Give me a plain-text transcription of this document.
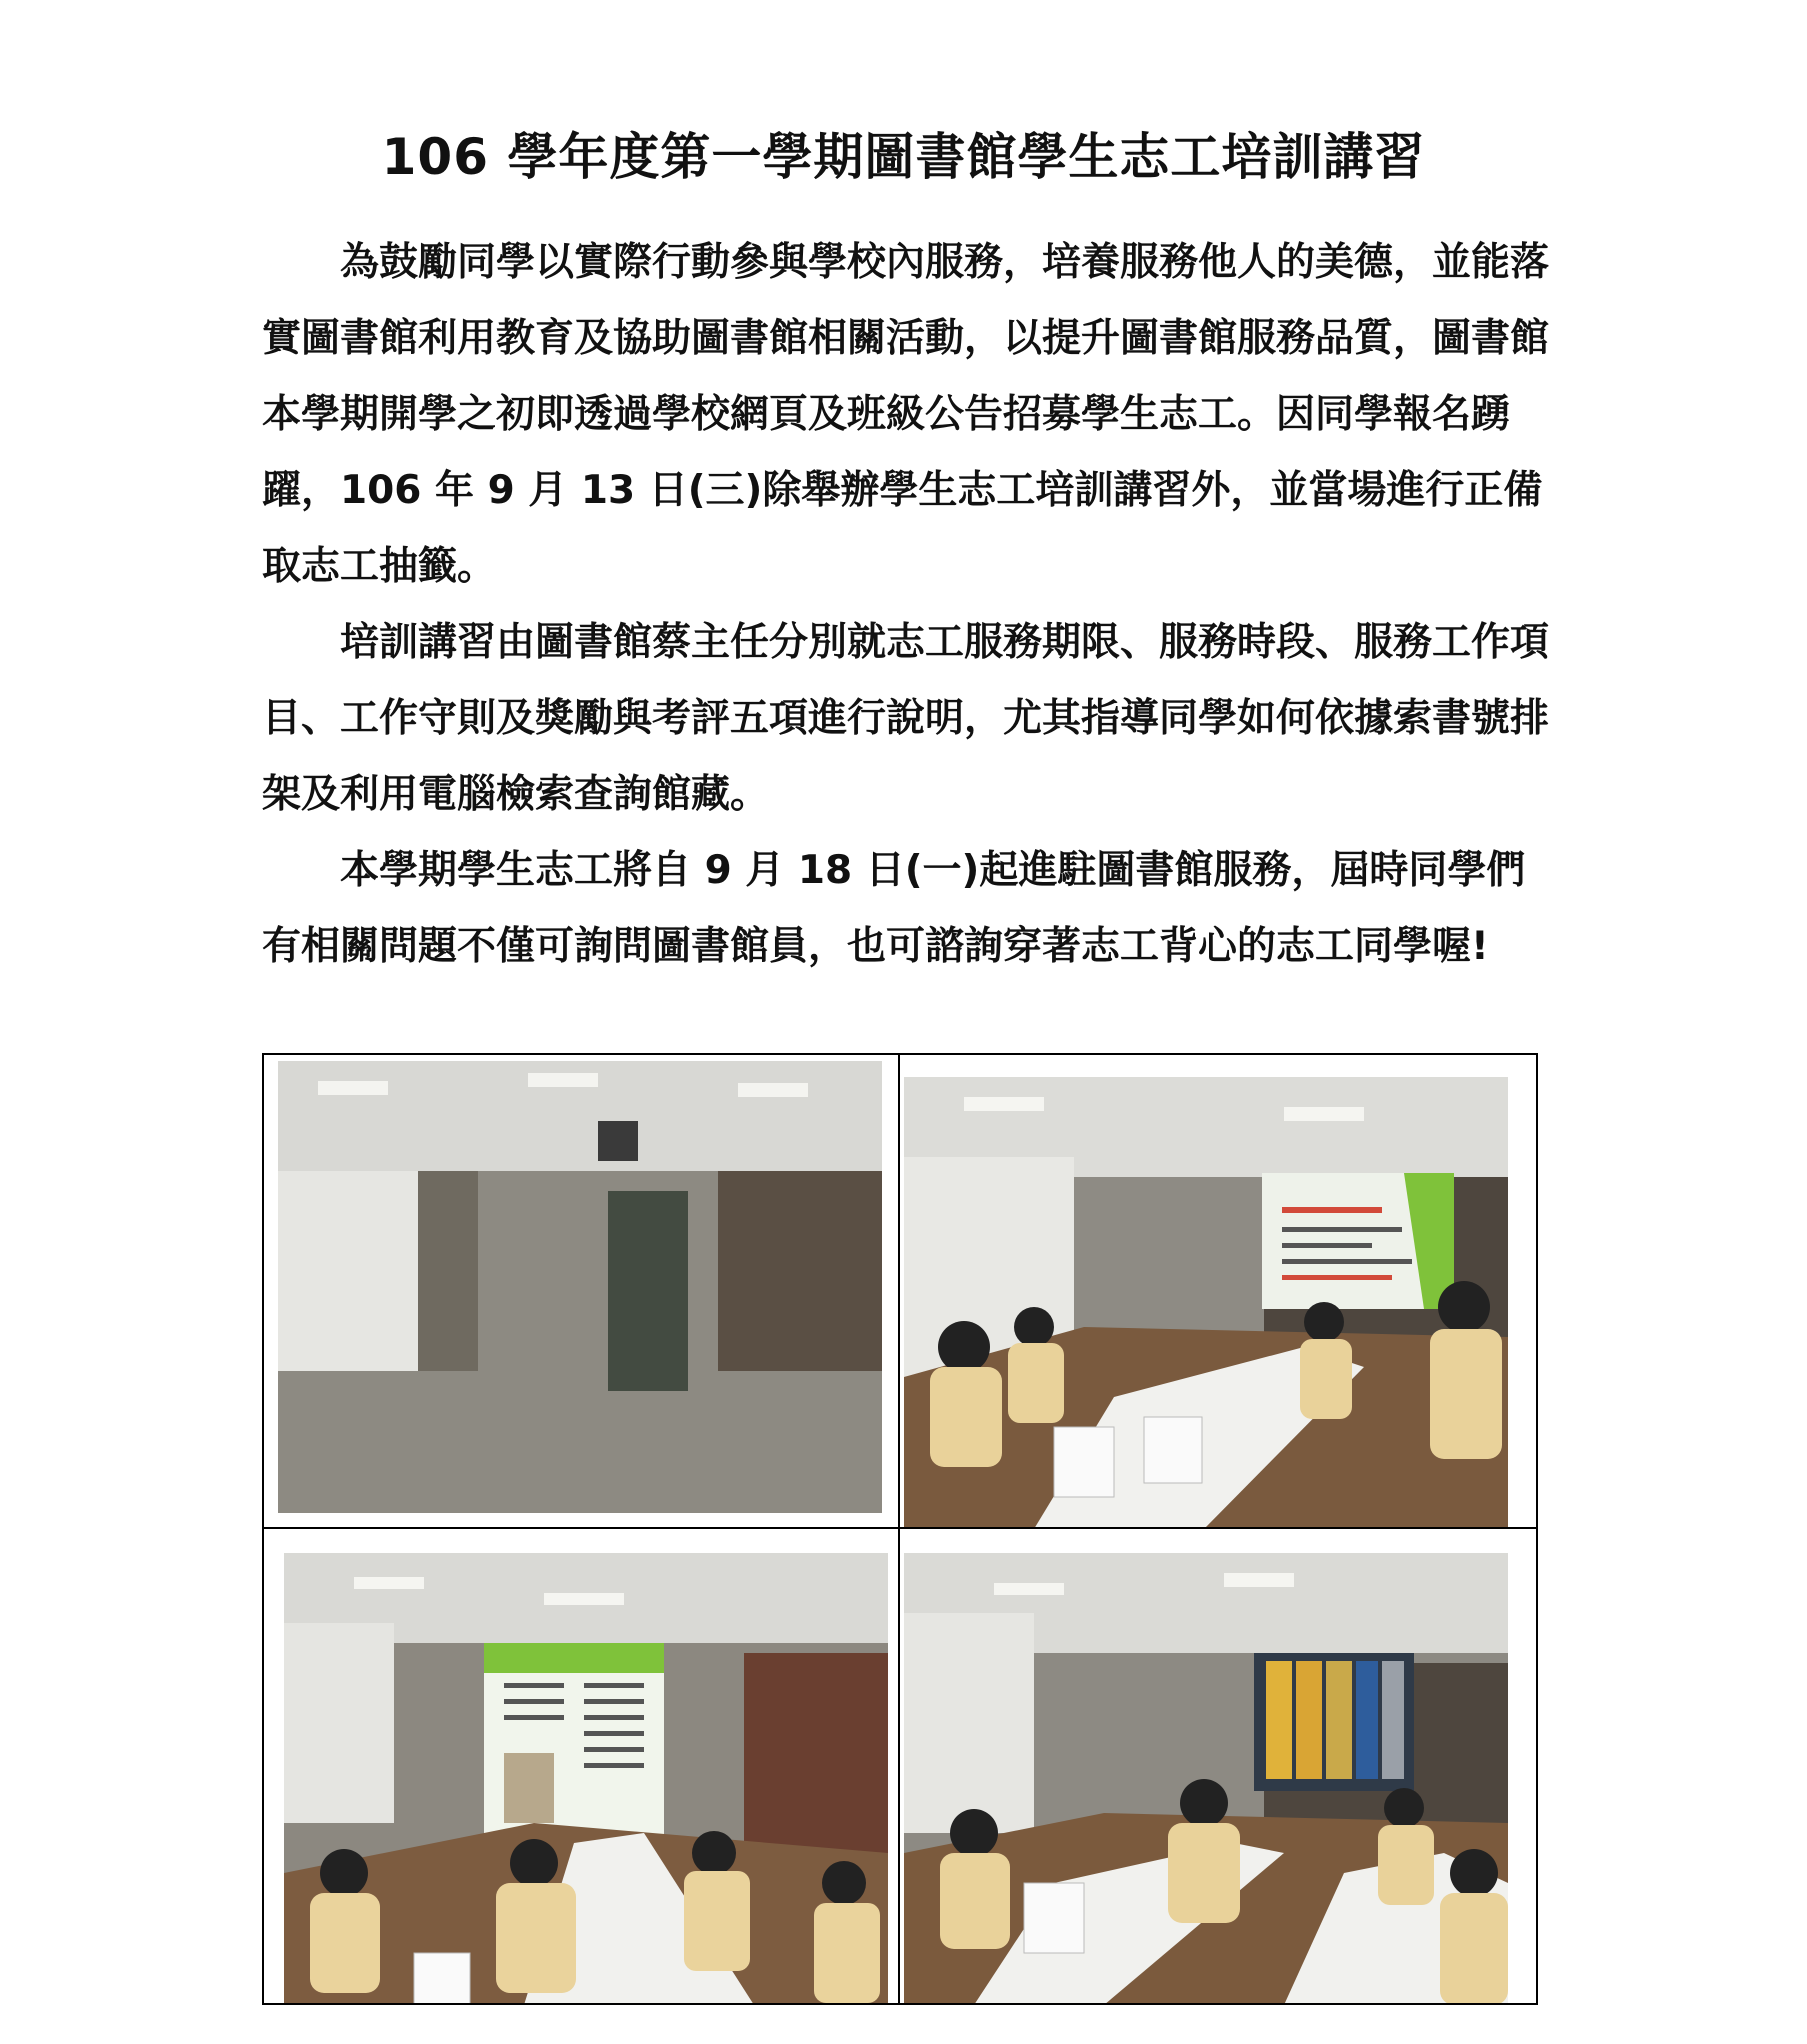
106 學年度第一學期圖書館學生志工培訓講習

為鼓勵同學以實際行動參與學校內服務，培養服務他人的美德，並能落實圖書館利用教育及協助圖書館相關活動，以提升圖書館服務品質，圖書館本學期開學之初即透過學校網頁及班級公告招募學生志工。因同學報名踴躍，106 年 9 月 13 日(三)除舉辦學生志工培訓講習外，並當場進行正備取志工抽籤。

培訓講習由圖書館蔡主任分別就志工服務期限、服務時段、服務工作項目、工作守則及獎勵與考評五項進行說明，尤其指導同學如何依據索書號排架及利用電腦檢索查詢館藏。

本學期學生志工將自 9 月 18 日(一)起進駐圖書館服務，屆時同學們有相關問題不僅可詢問圖書館員，也可諮詢穿著志工背心的志工同學喔!
